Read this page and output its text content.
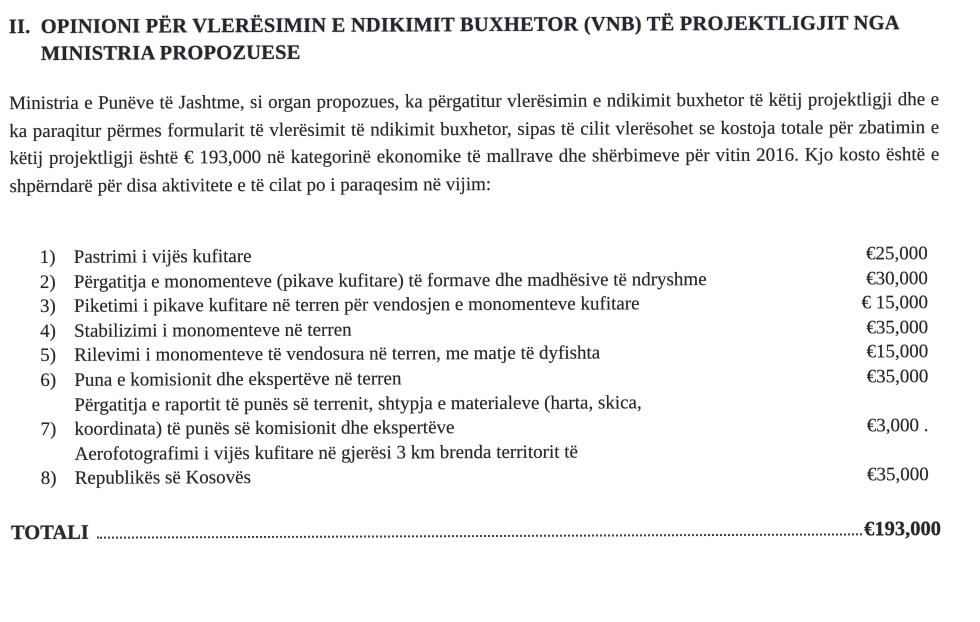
II. OPINIONI PËR VLERËSIMIN E NDIKIMIT BUXHETOR (VNB) TË PROJEKTLIGJIT NGA MINISTRIA PROPOZUESE
Ministria e Punëve të Jashtme, si organ propozues, ka përgatitur vlerësimin e ndikimit buxhetor të këtij projektligji dhe e ka paraqitur përmes formularit të vlerësimit të ndikimit buxhetor, sipas të cilit vlerësohet se kostoja totale për zbatimin e këtij projektligji është € 193,000 në kategorinë ekonomike të mallrave dhe shërbimeve për vitin 2016. Kjo kosto është e shpërndarë për disa aktivitete e të cilat po i paraqesim në vijim:
1) Pastrimi i vijës kufitare	€25,000
2) Përgatitja e monomenteve (pikave kufitare) të formave dhe madhësive të ndryshme	€30,000
3) Piketimi i pikave kufitare në terren për vendosjen e monomenteve kufitare	€ 15,000
4) Stabilizimi i monomenteve në terren	€35,000
5) Rilevimi i monomenteve të vendosura në terren, me matje të dyfishta	€15,000
6) Puna e komisionit dhe ekspertëve në terren	€35,000
7)
Përgatitja e raportit të punës së terrenit, shtypja e materialeve (harta, skica,
koordinata) të punës së komisionit dhe ekspertëve	€3,000 .
8)
Aerofotografimi i vijës kufitare në gjerësi 3 km brenda territorit të
Republikës së Kosovës	€35,000
TOTALI	€193,000
